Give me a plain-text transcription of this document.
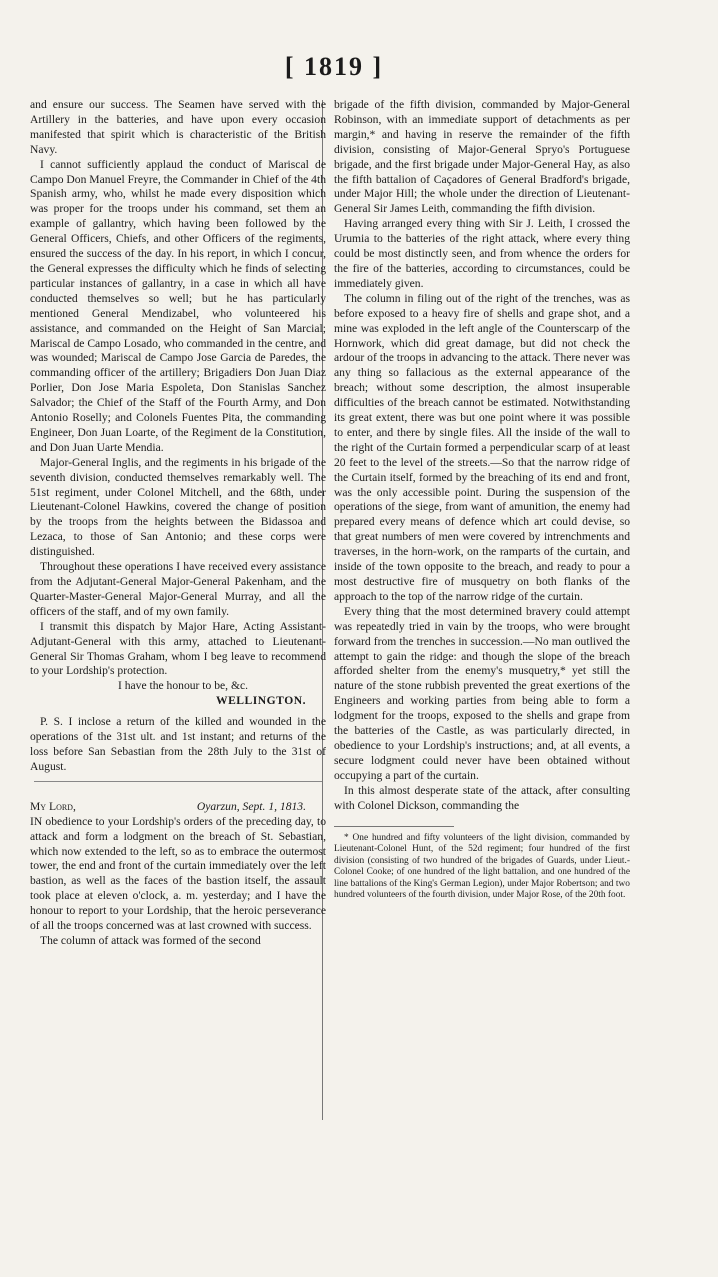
[ 1819 ]

and ensure our success. The Seamen have served with the Artillery in the batteries, and have upon every occasion manifested that spirit which is characteristic of the British Navy.

I cannot sufficiently applaud the conduct of Mariscal de Campo Don Manuel Freyre, the Commander in Chief of the 4th Spanish army, who, whilst he made every disposition which was proper for the troops under his command, set them an example of gallantry, which having been followed by the General Officers, Chiefs, and other Officers of the regiments, ensured the success of the day. In his report, in which I concur, the General expresses the difficulty which he finds of selecting particular instances of gallantry, in a case in which all have conducted themselves so well; but he has particularly mentioned General Mendizabel, who volunteered his assistance, and commanded on the Height of San Marcial; Mariscal de Campo Losado, who commanded in the centre, and was wounded; Mariscal de Campo Jose Garcia de Paredes, the commanding officer of the artillery; Brigadiers Don Juan Diaz Porlier, Don Jose Maria Espoleta, Don Stanislas Sanchez Salvador; the Chief of the Staff of the Fourth Army, and Don Antonio Roselly; and Colonels Fuentes Pita, the commanding Engineer, Don Juan Loarte, of the Regiment de la Constitution, and Don Juan Uarte Mendia.

Major-General Inglis, and the regiments in his brigade of the seventh division, conducted themselves remarkably well. The 51st regiment, under Colonel Mitchell, and the 68th, under Lieutenant-Colonel Hawkins, covered the change of position by the troops from the heights between the Bidassoa and Lezaca, to those of San Antonio; and these corps were distinguished.

Throughout these operations I have received every assistance from the Adjutant-General Major-General Pakenham, and the Quarter-Master-General Major-General Murray, and all the officers of the staff, and of my own family.

I transmit this dispatch by Major Hare, Acting Assistant-Adjutant-General with this army, attached to Lieutenant-General Sir Thomas Graham, whom I beg leave to recommend to your Lordship's protection.

I have the honour to be, &c.

WELLINGTON.

P. S. I inclose a return of the killed and wounded in the operations of the 31st ult. and 1st instant; and returns of the loss before San Sebastian from the 28th July to the 31st of August.

My Lord,	Oyarzun, Sept. 1, 1813.

IN obedience to your Lordship's orders of the preceding day, to attack and form a lodgment on the breach of St. Sebastian, which now extended to the left, so as to embrace the outermost tower, the end and front of the curtain immediately over the left bastion, as well as the faces of the bastion itself, the assault took place at eleven o'clock, a. m. yesterday; and I have the honour to report to your Lordship, that the heroic perseverance of all the troops concerned was at last crowned with success.

The column of attack was formed of the second

brigade of the fifth division, commanded by Major-General Robinson, with an immediate support of detachments as per margin,* and having in reserve the remainder of the fifth division, consisting of Major-General Spryo's Portuguese brigade, and the first brigade under Major-General Hay, as also the fifth battalion of Caçadores of General Bradford's brigade, under Major Hill; the whole under the direction of Lieutenant-General Sir James Leith, commanding the fifth division.

Having arranged every thing with Sir J. Leith, I crossed the Urumia to the batteries of the right attack, where every thing could be most distinctly seen, and from whence the orders for the fire of the batteries, according to circumstances, could be immediately given.

The column in filing out of the right of the trenches, was as before exposed to a heavy fire of shells and grape shot, and a mine was exploded in the left angle of the Counterscarp of the Hornwork, which did great damage, but did not check the ardour of the troops in advancing to the attack. There never was any thing so fallacious as the external appearance of the breach; without some description, the almost insuperable difficulties of the breach cannot be estimated. Notwithstanding its great extent, there was but one point where it was possible to enter, and there by single files. All the inside of the wall to the right of the Curtain formed a perpendicular scarp of at least 20 feet to the level of the streets.—So that the narrow ridge of the Curtain itself, formed by the breaching of its end and front, was the only accessible point. During the suspension of the operations of the siege, from want of amunition, the enemy had prepared every means of defence which art could devise, so that great numbers of men were covered by intrenchments and traverses, in the horn-work, on the ramparts of the curtain, and inside of the town opposite to the breach, and ready to pour a most destructive fire of musquetry on both flanks of the approach to the top of the narrow ridge of the curtain.

Every thing that the most determined bravery could attempt was repeatedly tried in vain by the troops, who were brought forward from the trenches in succession.—No man outlived the attempt to gain the ridge: and though the slope of the breach afforded shelter from the enemy's musquetry,* yet still the nature of the stone rubbish prevented the great exertions of the Engineers and working parties from being able to form a lodgment for the troops, exposed to the shells and grape from the batteries of the Castle, as was particularly directed, in obedience to your Lordship's instructions; and, at all events, a secure lodgment could never have been obtained without occupying a part of the curtain.

In this almost desperate state of the attack, after consulting with Colonel Dickson, commanding the

* One hundred and fifty volunteers of the light division, commanded by Lieutenant-Colonel Hunt, of the 52d regiment; four hundred of the first division (consisting of two hundred of the brigades of Guards, under Lieut.-Colonel Cooke; of one hundred of the light battalion, and one hundred of the line battalions of the King's German Legion), under Major Robertson; and two hundred volunteers of the fourth division, under Major Rose, of the 20th foot.
